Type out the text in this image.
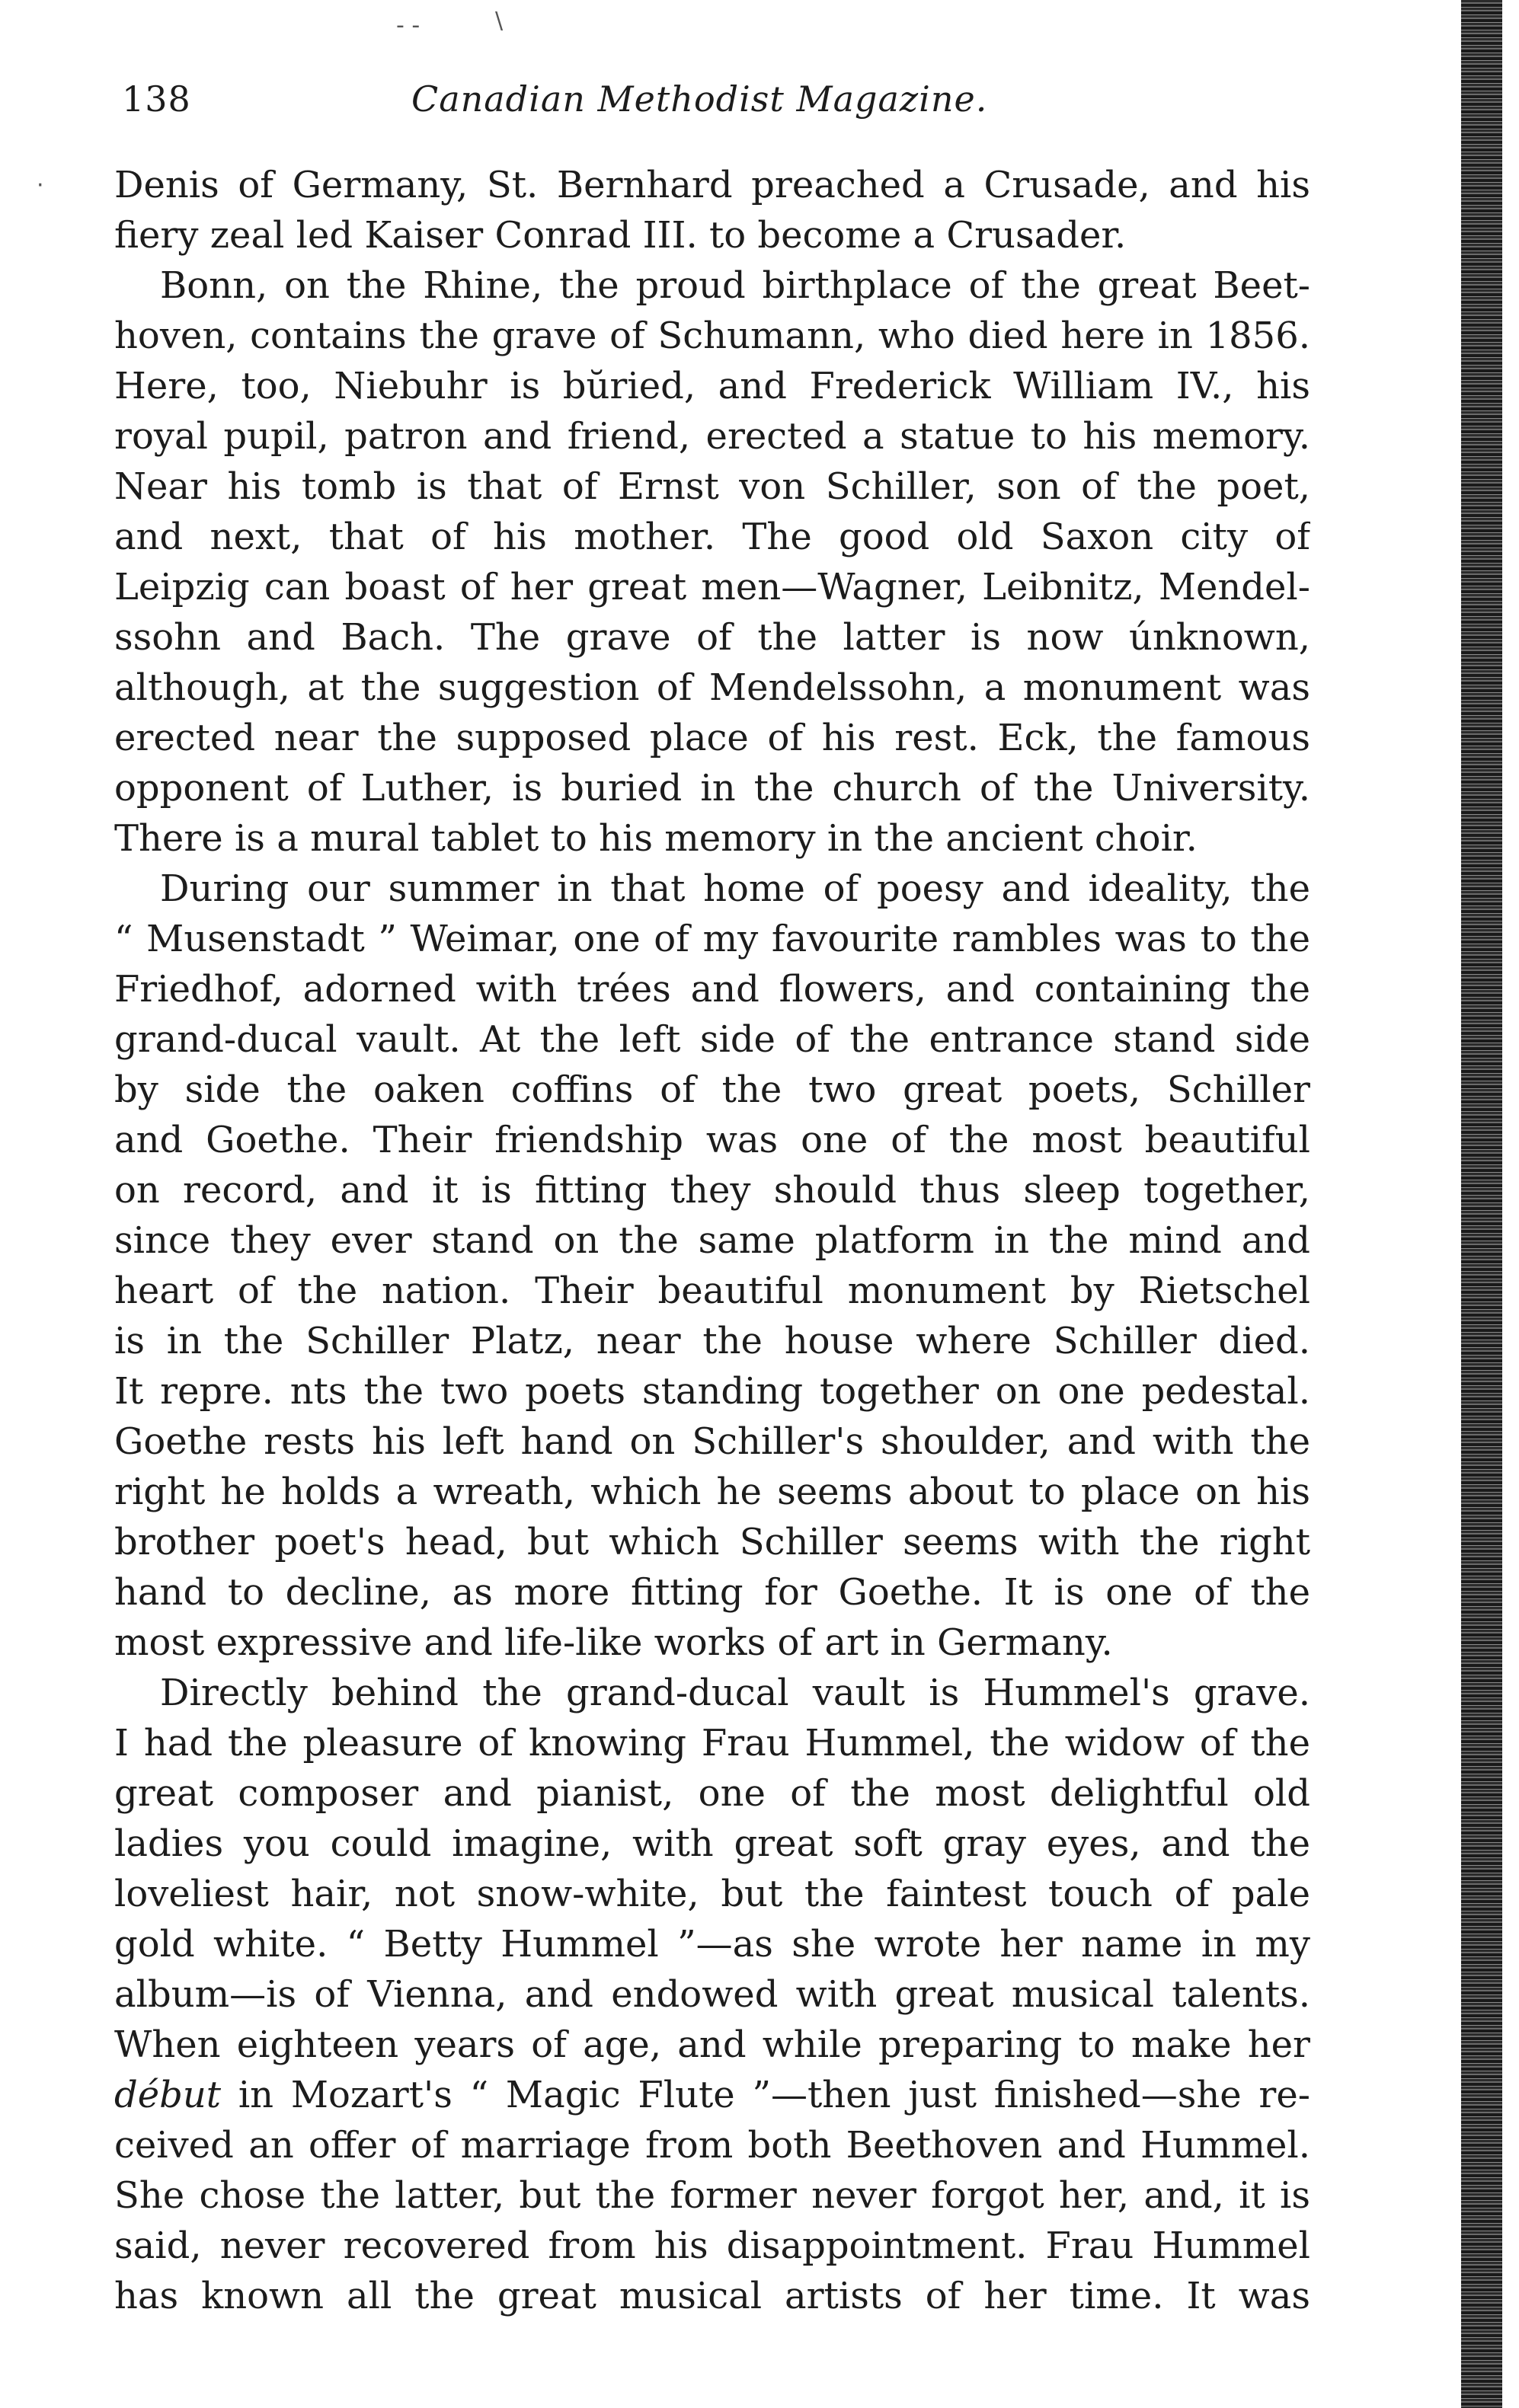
\
- -
·
138	Canadian Methodist Magazine.
Denis of Germany, St. Bernhard preached a Crusade, and his
fiery zeal led Kaiser Conrad III. to become a Crusader.
Bonn, on the Rhine, the proud birthplace of the great Beet-
hoven, contains the grave of Schumann, who died here in 1856.
Here, too, Niebuhr is bŭried, and Frederick William IV., his
royal pupil, patron and friend, erected a statue to his memory.
Near his tomb is that of Ernst von Schiller, son of the poet,
and next, that of his mother. The good old Saxon city of
Leipzig can boast of her great men—Wagner, Leibnitz, Mendel-
ssohn and Bach. The grave of the latter is now únknown,
although, at the suggestion of Mendelssohn, a monument was
erected near the supposed place of his rest. Eck, the famous
opponent of Luther, is buried in the church of the University.
There is a mural tablet to his memory in the ancient choir.
During our summer in that home of poesy and ideality, the
“ Musenstadt ” Weimar, one of my favourite rambles was to the
Friedhof, adorned with trées and flowers, and containing the
grand-ducal vault. At the left side of the entrance stand side
by side the oaken coffins of the two great poets, Schiller
and Goethe. Their friendship was one of the most beautiful
on record, and it is fitting they should thus sleep together,
since they ever stand on the same platform in the mind and
heart of the nation. Their beautiful monument by Rietschel
is in the Schiller Platz, near the house where Schiller died.
It repre. nts the two poets standing together on one pedestal.
Goethe rests his left hand on Schiller's shoulder, and with the
right he holds a wreath, which he seems about to place on his
brother poet's head, but which Schiller seems with the right
hand to decline, as more fitting for Goethe. It is one of the
most expressive and life-like works of art in Germany.
Directly behind the grand-ducal vault is Hummel's grave.
I had the pleasure of knowing Frau Hummel, the widow of the
great composer and pianist, one of the most delightful old
ladies you could imagine, with great soft gray eyes, and the
loveliest hair, not snow-white, but the faintest touch of pale
gold white. “ Betty Hummel ”—as she wrote her name in my
album—is of Vienna, and endowed with great musical talents.
When eighteen years of age, and while preparing to make her
début in Mozart's “ Magic Flute ”—then just finished—she re-
ceived an offer of marriage from both Beethoven and Hummel.
She chose the latter, but the former never forgot her, and, it is
said, never recovered from his disappointment. Frau Hummel
has known all the great musical artists of her time. It was
